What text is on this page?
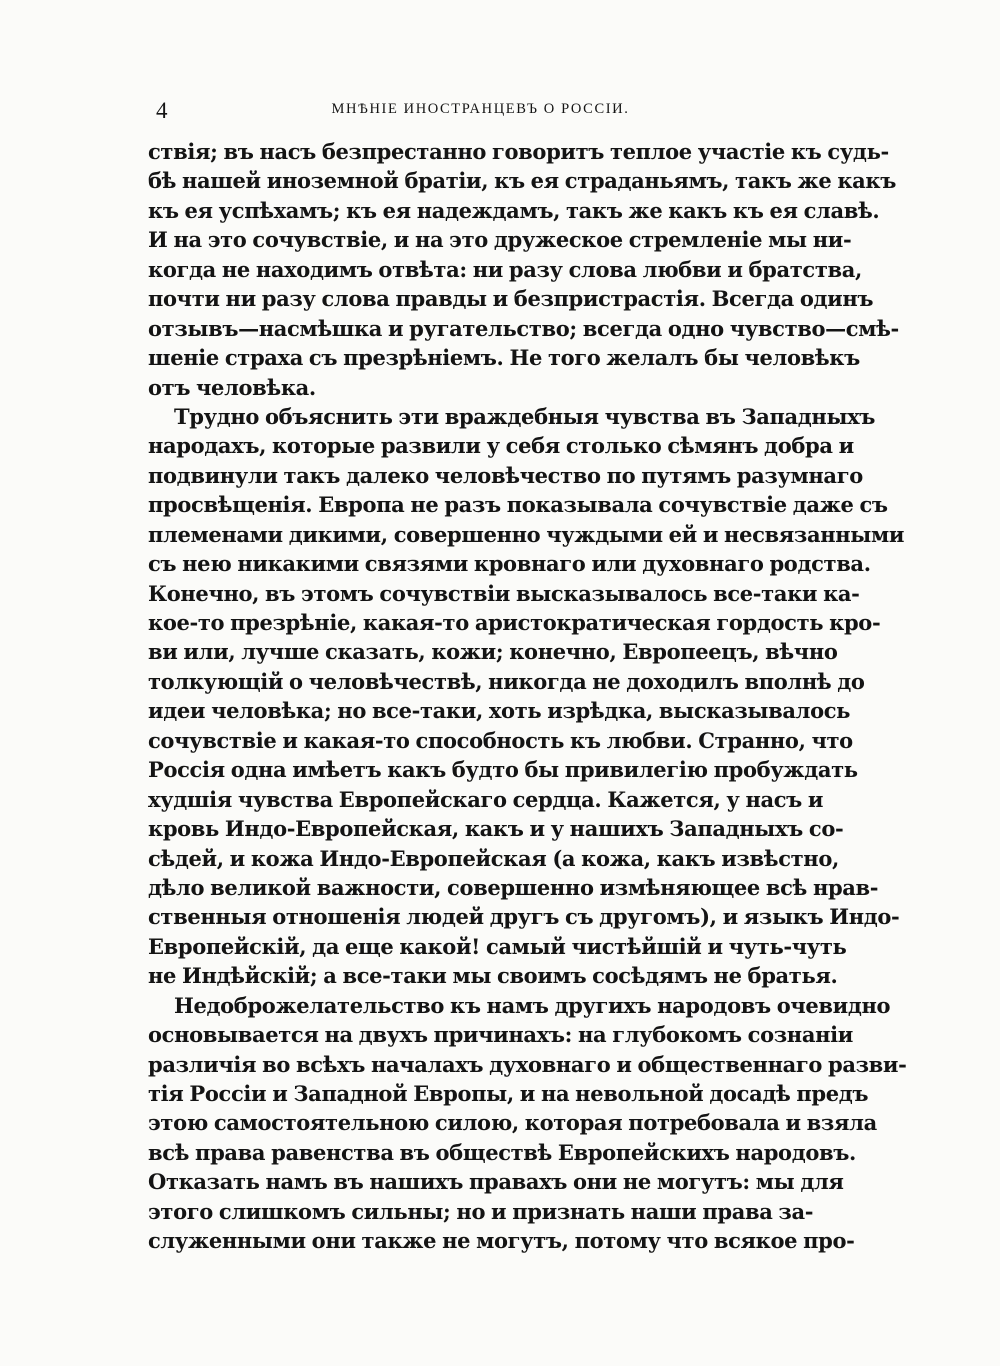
4	МНѢНІЕ ИНОСТРАНЦЕВЪ О РОССІИ.
ствія; въ насъ безпрестанно говоритъ теплое участіе къ судь-
бѣ нашей иноземной братіи, къ ея страданьямъ, такъ же какъ
къ ея успѣхамъ; къ ея надеждамъ, такъ же какъ къ ея славѣ.
И на это сочувствіе, и на это дружеское стремленіе мы ни-
когда не находимъ отвѣта: ни разу слова любви и братства,
почти ни разу слова правды и безпристрастія. Всегда одинъ
отзывъ—насмѣшка и ругательство; всегда одно чувство—смѣ-
шеніе страха съ презрѣніемъ. Не того желалъ бы человѣкъ
отъ человѣка.
Трудно объяснить эти враждебныя чувства въ Западныхъ
народахъ, которые развили у себя столько сѣмянъ добра и
подвинули такъ далеко человѣчество по путямъ разумнаго
просвѣщенія. Европа не разъ показывала сочувствіе даже съ
племенами дикими, совершенно чуждыми ей и несвязанными
съ нею никакими связями кровнаго или духовнаго родства.
Конечно, въ этомъ сочувствіи высказывалось все-таки ка-
кое-то презрѣніе, какая-то аристократическая гордость кро-
ви или, лучше сказать, кожи; конечно, Европеецъ, вѣчно
толкующій о человѣчествѣ, никогда не доходилъ вполнѣ до
идеи человѣка; но все-таки, хоть изрѣдка, высказывалось
сочувствіе и какая-то способность къ любви. Странно, что
Россія одна имѣетъ какъ будто бы привилегію пробуждать
худшія чувства Европейскаго сердца. Кажется, у насъ и
кровь Индо-Европейская, какъ и у нашихъ Западныхъ со-
сѣдей, и кожа Индо-Европейская (а кожа, какъ извѣстно,
дѣло великой важности, совершенно измѣняющее всѣ нрав-
ственныя отношенія людей другъ съ другомъ), и языкъ Индо-
Европейскій, да еще какой! самый чистѣйшій и чуть-чуть
не Индѣйскій; а все-таки мы своимъ сосѣдямъ не братья.
Недоброжелательство къ намъ другихъ народовъ очевидно
основывается на двухъ причинахъ: на глубокомъ сознаніи
различія во всѣхъ началахъ духовнаго и общественнаго разви-
тія Россіи и Западной Европы, и на невольной досадѣ предъ
этою самостоятельною силою, которая потребовала и взяла
всѣ права равенства въ обществѣ Европейскихъ народовъ.
Отказать намъ въ нашихъ правахъ они не могутъ: мы для
этого слишкомъ сильны; но и признать наши права за-
служенными они также не могутъ, потому что всякое про-
